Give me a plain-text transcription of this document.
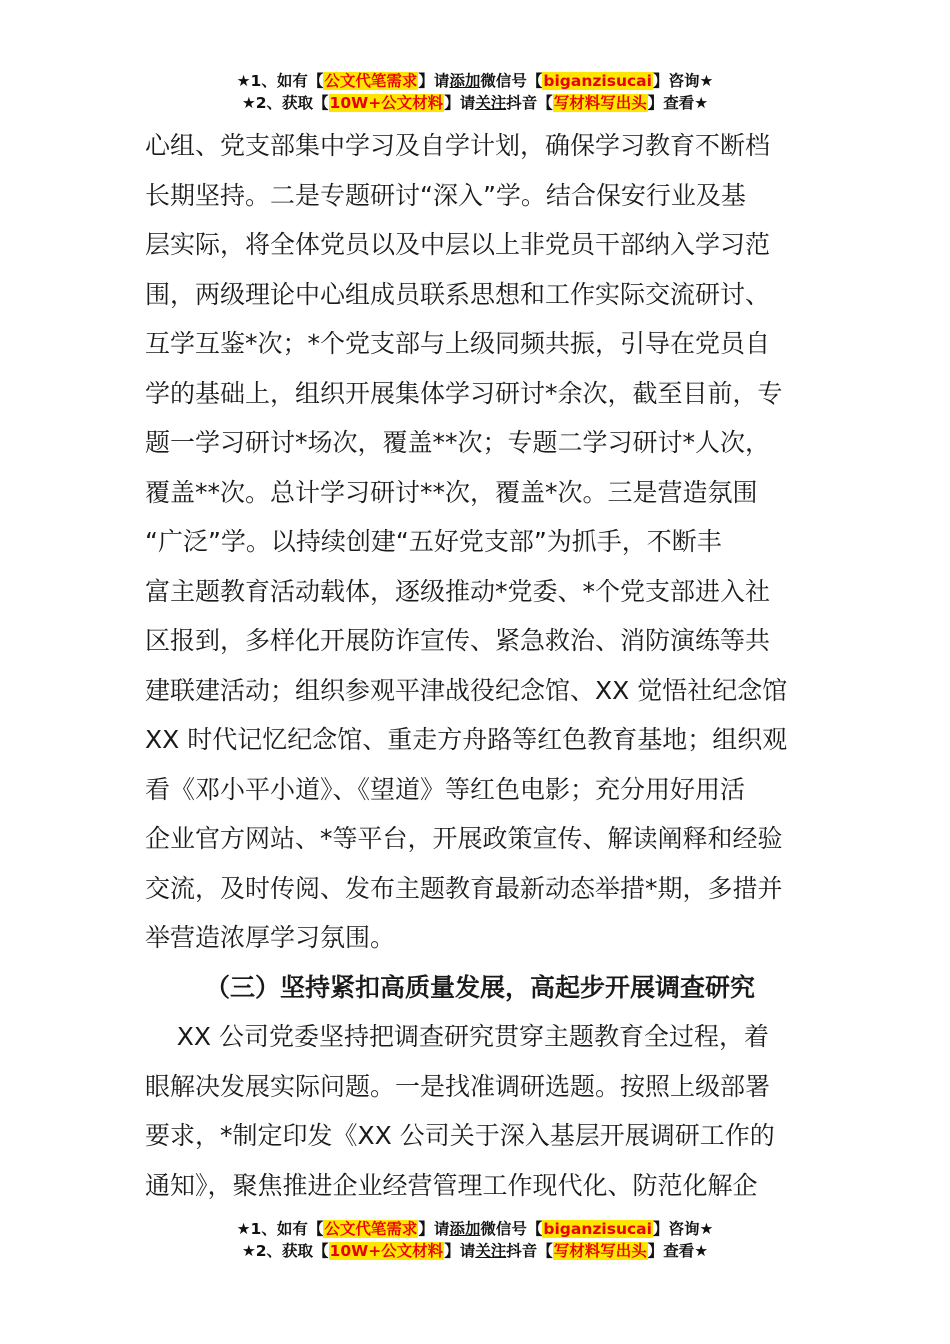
★1、如有【公文代笔需求】请添加微信号【biganzisucai】咨询★
★2、获取【10W+公文材料】请关注抖音【写材料写出头】查看★
心组、党支部集中学习及自学计划，确保学习教育不断档
长期坚持。二是专题研讨“深入”学。结合保安行业及基
层实际，将全体党员以及中层以上非党员干部纳入学习范
围，两级理论中心组成员联系思想和工作实际交流研讨、
互学互鉴*次；*个党支部与上级同频共振，引导在党员自
学的基础上，组织开展集体学习研讨*余次，截至目前，专
题一学习研讨*场次，覆盖**次；专题二学习研讨*人次，
覆盖**次。总计学习研讨**次，覆盖*次。三是营造氛围
“广泛”学。以持续创建“五好党支部”为抓手，不断丰
富主题教育活动载体，逐级推动*党委、*个党支部进入社
区报到，多样化开展防诈宣传、紧急救治、消防演练等共
建联建活动；组织参观平津战役纪念馆、XX 觉悟社纪念馆
XX 时代记忆纪念馆、重走方舟路等红色教育基地；组织观
看《邓小平小道》、《望道》等红色电影；充分用好用活
企业官方网站、*等平台，开展政策宣传、解读阐释和经验
交流，及时传阅、发布主题教育最新动态举措*期，多措并
举营造浓厚学习氛围。
（三）坚持紧扣高质量发展，高起步开展调查研究
XX 公司党委坚持把调查研究贯穿主题教育全过程，着
眼解决发展实际问题。一是找准调研选题。按照上级部署
要求，*制定印发《XX 公司关于深入基层开展调研工作的
通知》，聚焦推进企业经营管理工作现代化、防范化解企
★1、如有【公文代笔需求】请添加微信号【biganzisucai】咨询★
★2、获取【10W+公文材料】请关注抖音【写材料写出头】查看★
